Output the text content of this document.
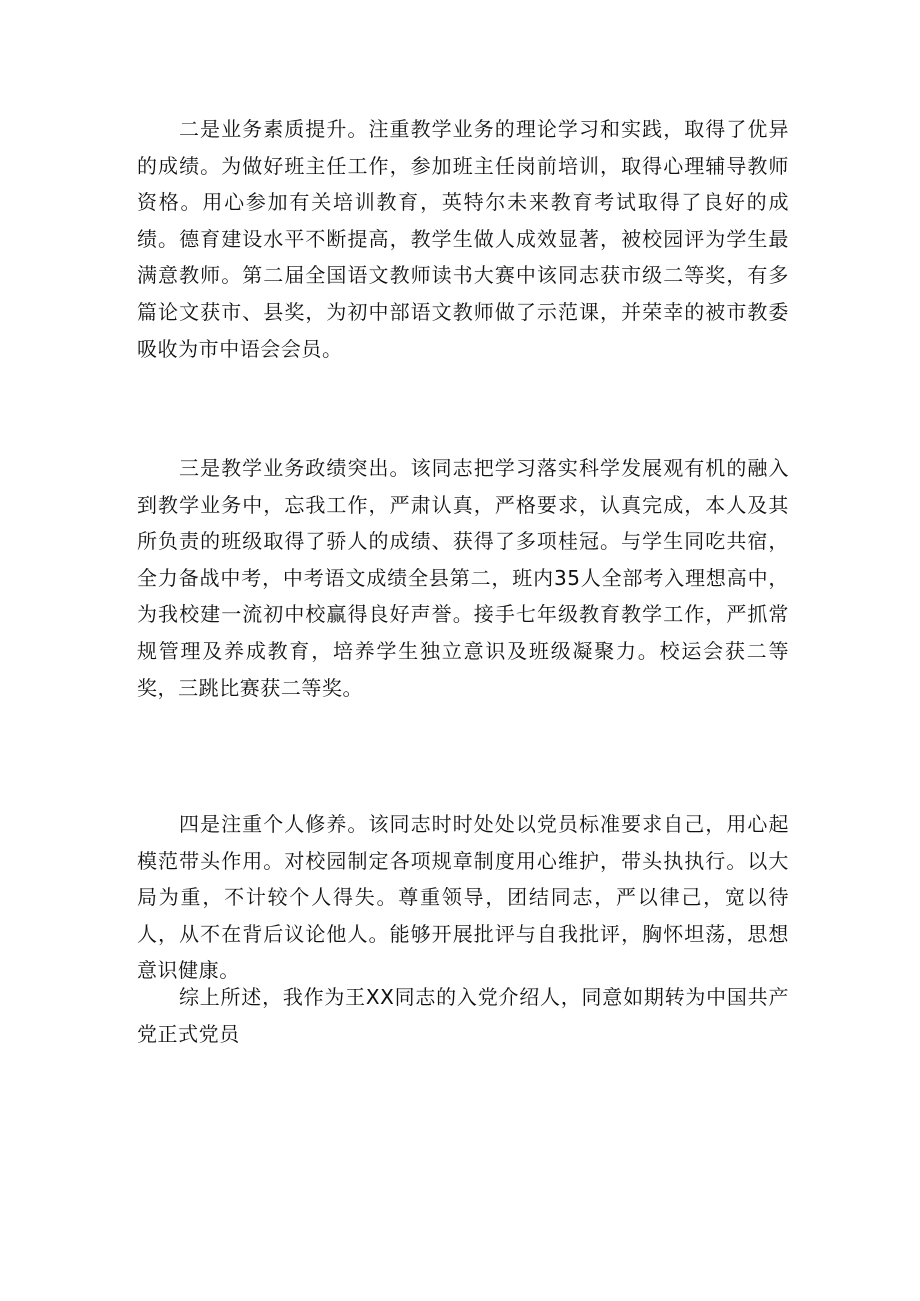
二是业务素质提升。注重教学业务的理论学习和实践，取得了优异的成绩。为做好班主任工作，参加班主任岗前培训，取得心理辅导教师资格。用心参加有关培训教育，英特尔未来教育考试取得了良好的成绩。德育建设水平不断提高，教学生做人成效显著，被校园评为学生最满意教师。第二届全国语文教师读书大赛中该同志获市级二等奖，有多篇论文获市、县奖，为初中部语文教师做了示范课，并荣幸的被市教委吸收为市中语会会员。

三是教学业务政绩突出。该同志把学习落实科学发展观有机的融入到教学业务中，忘我工作，严肃认真，严格要求，认真完成，本人及其所负责的班级取得了骄人的成绩、获得了多项桂冠。与学生同吃共宿，全力备战中考，中考语文成绩全县第二，班内35人全部考入理想高中，为我校建一流初中校赢得良好声誉。接手七年级教育教学工作，严抓常规管理及养成教育，培养学生独立意识及班级凝聚力。校运会获二等奖，三跳比赛获二等奖。

四是注重个人修养。该同志时时处处以党员标准要求自己，用心起模范带头作用。对校园制定各项规章制度用心维护，带头执执行。以大局为重，不计较个人得失。尊重领导，团结同志，严以律己，宽以待人，从不在背后议论他人。能够开展批评与自我批评，胸怀坦荡，思想意识健康。

综上所述，我作为王XX同志的入党介绍人，同意如期转为中国共产党正式党员
